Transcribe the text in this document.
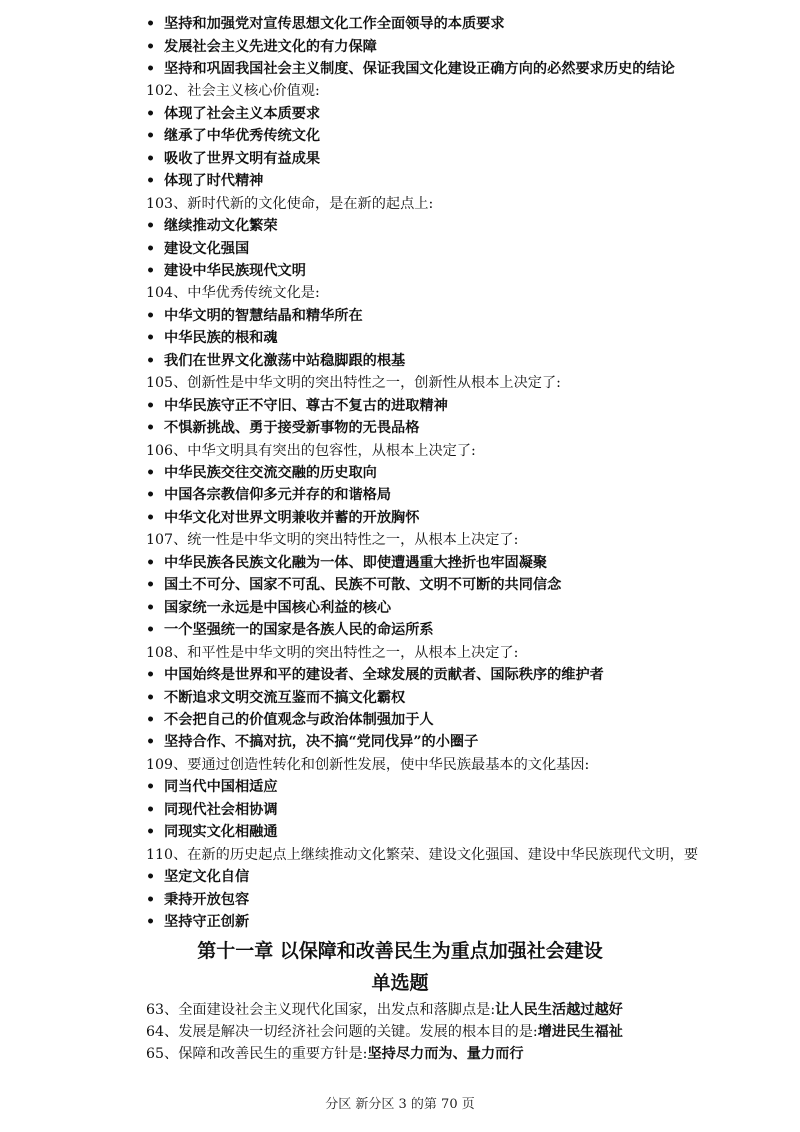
• 坚持和加强党对宣传思想文化工作全面领导的本质要求
• 发展社会主义先进文化的有力保障
• 坚持和巩固我国社会主义制度、保证我国文化建设正确方向的必然要求历史的结论
102、社会主义核心价值观:
• 体现了社会主义本质要求
• 继承了中华优秀传统文化
• 吸收了世界文明有益成果
• 体现了时代精神
103、新时代新的文化使命，是在新的起点上:
• 继续推动文化繁荣
• 建设文化强国
• 建设中华民族现代文明
104、中华优秀传统文化是:
• 中华文明的智慧结晶和精华所在
• 中华民族的根和魂
• 我们在世界文化激荡中站稳脚跟的根基
105、创新性是中华文明的突出特性之一，创新性从根本上决定了:
• 中华民族守正不守旧、尊古不复古的进取精神
• 不惧新挑战、勇于接受新事物的无畏品格
106、中华文明具有突出的包容性，从根本上决定了:
• 中华民族交往交流交融的历史取向
• 中国各宗教信仰多元并存的和谐格局
• 中华文化对世界文明兼收并蓄的开放胸怀
107、统一性是中华文明的突出特性之一，从根本上决定了:
• 中华民族各民族文化融为一体、即使遭遇重大挫折也牢固凝聚
• 国土不可分、国家不可乱、民族不可散、文明不可断的共同信念
• 国家统一永远是中国核心利益的核心
• 一个坚强统一的国家是各族人民的命运所系
108、和平性是中华文明的突出特性之一，从根本上决定了:
• 中国始终是世界和平的建设者、全球发展的贡献者、国际秩序的维护者
• 不断追求文明交流互鉴而不搞文化霸权
• 不会把自己的价值观念与政治体制强加于人
• 坚持合作、不搞对抗，决不搞“党同伐异”的小圈子
109、要通过创造性转化和创新性发展，使中华民族最基本的文化基因:
• 同当代中国相适应
• 同现代社会相协调
• 同现实文化相融通
110、在新的历史起点上继续推动文化繁荣、建设文化强国、建设中华民族现代文明，要
• 坚定文化自信
• 秉持开放包容
• 坚持守正创新
第十一章 以保障和改善民生为重点加强社会建设
单选题
63、全面建设社会主义现代化国家，出发点和落脚点是:让人民生活越过越好
64、发展是解决一切经济社会问题的关键。发展的根本目的是:增进民生福祉
65、保障和改善民生的重要方针是:坚持尽力而为、量力而行
分区 新分区 3 的第 70 页
